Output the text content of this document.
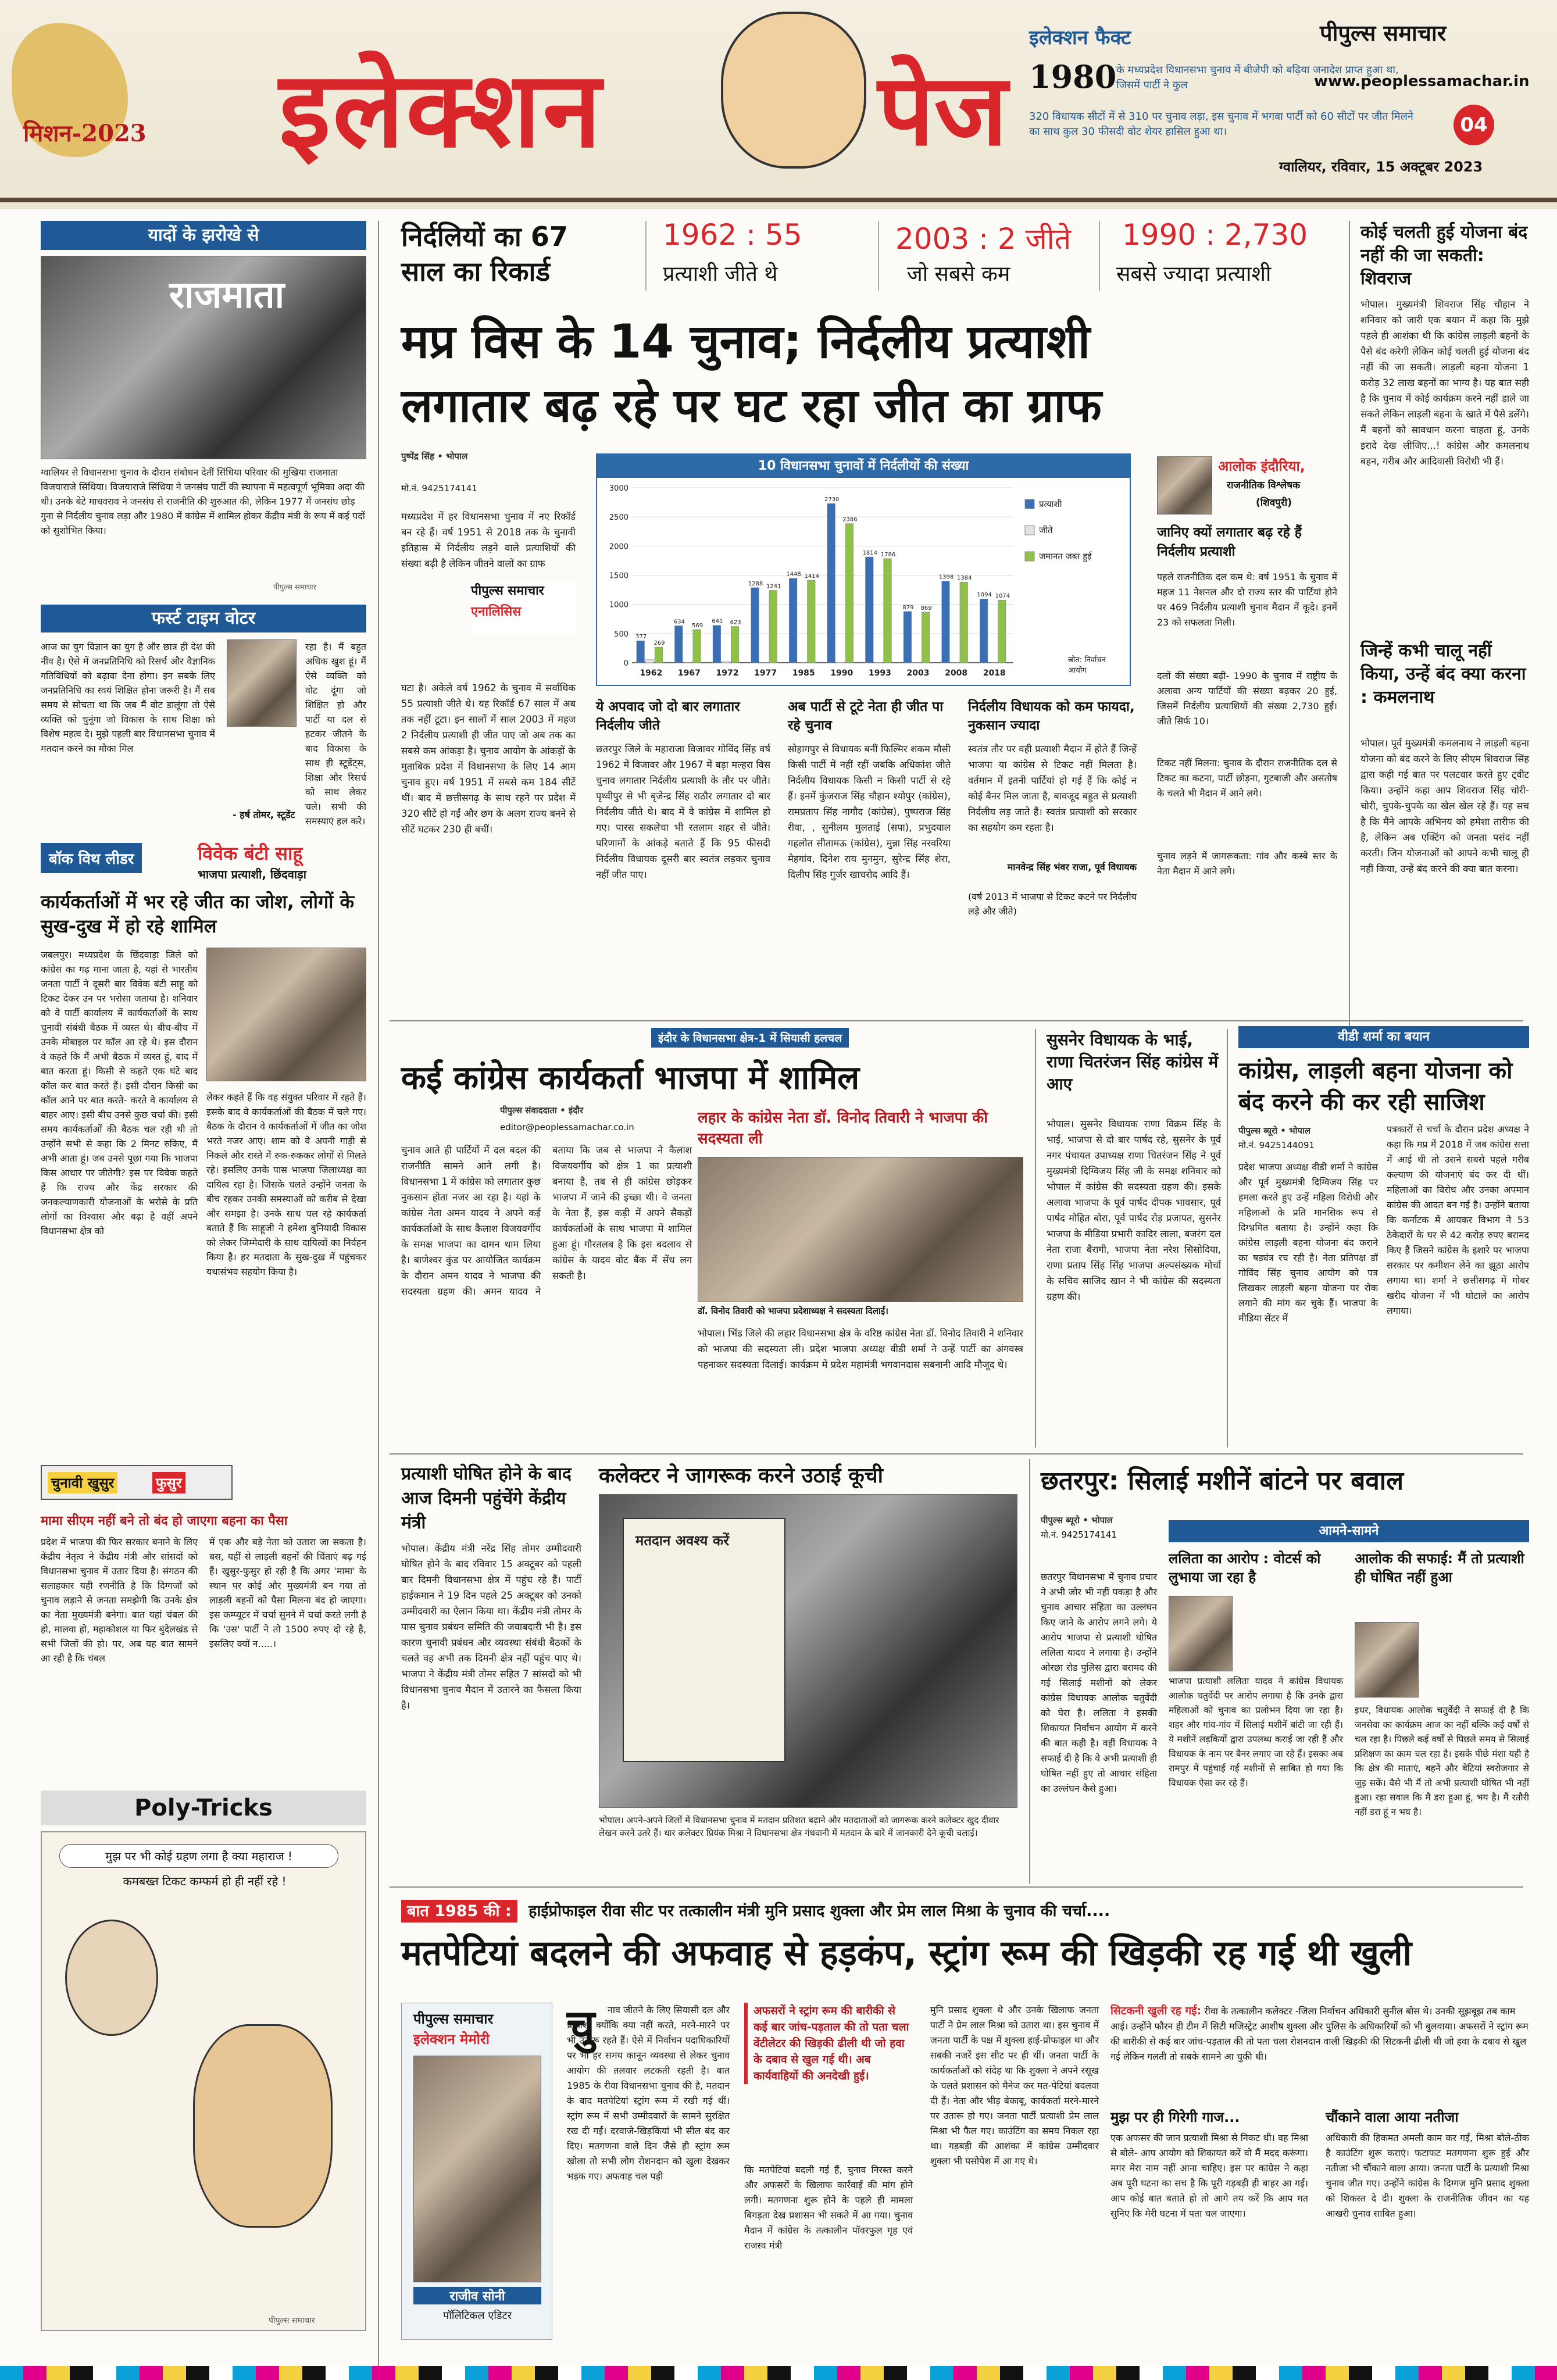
मिशन-2023 इलेक्शन	पेज
इलेक्शन फैक्ट
1980 के मध्यप्रदेश विधानसभा चुनाव में बीजेपी को बढ़िया जनादेश प्राप्त हुआ था, जिसमें पार्टी ने कुल
320 विधायक सीटों में से 310 पर चुनाव लड़ा, इस चुनाव में भगवा पार्टी को 60 सीटों पर जीत मिलने का साथ कुल 30 फीसदी वोट शेयर हासिल हुआ था।
पीपुल्स समाचार
www.peoplessamachar.in
04
ग्वालियर, रविवार, 15 अक्टूबर 2023
यादों के झरोखे से
राजमाता
ग्वालियर से विधानसभा चुनाव के दौरान संबोधन देतीं सिंधिया परिवार की मुखिया राजमाता विजयाराजे सिंधिया। विजयाराजे सिंधिया ने जनसंघ पार्टी की स्थापना में महत्वपूर्ण भूमिका अदा की थी। उनके बेटे माधवराव ने जनसंघ से राजनीति की शुरुआत की, लेकिन 1977 में जनसंघ छोड़ गुना से निर्दलीय चुनाव लड़ा और 1980 में कांग्रेस में शामिल होकर केंद्रीय मंत्री के रूप में कई पदों को सुशोभित किया।
पीपुल्स समाचार
फर्स्ट टाइम वोटर
आज का युग विज्ञान का युग है और छात्र ही देश की नींव है। ऐसे में जनप्रतिनिधि को रिसर्च और वैज्ञानिक गतिविधियों को बढ़ावा देना होगा। इन सबके लिए जनप्रतिनिधि का स्वयं शिक्षित होना जरूरी है। मैं सब समय से सोचता था कि जब मैं वोट डालूंगा तो ऐसे व्यक्ति को चुनूंगा जो विकास के साथ शिक्षा को विशेष महत्व दे। मुझे पहली बार विधानसभा चुनाव में मतदान करने का मौका मिल
रहा है। मैं बहुत अधिक खुश हूं। मैं ऐसे व्यक्ति को वोट दूंगा जो शिक्षित हो और पार्टी या दल से हटकर जीतने के बाद विकास के साथ ही स्टूडेंट्स, शिक्षा और रिसर्च को साथ लेकर चले। सभी की समस्याएं हल करे।
- हर्ष तोमर, स्टूडेंट
बॉक विथ लीडर	विवेक बंटी साहू
भाजपा प्रत्याशी, छिंदवाड़ा
कार्यकर्ताओं में भर रहे जीत का जोश, लोगों के सुख-दुख में हो रहे शामिल
जबलपुर। मध्यप्रदेश के छिंदवाड़ा जिले को कांग्रेस का गढ़ माना जाता है, यहां से भारतीय जनता पार्टी ने दूसरी बार विवेक बंटी साहू को टिकट देकर उन पर भरोसा जताया है। शनिवार को वे पार्टी कार्यालय में कार्यकर्ताओं के साथ चुनावी संबंधी बैठक में व्यस्त थे। बीच-बीच में उनके मोबाइल पर कॉल आ रहे थे। इस दौरान वे कहते कि मैं अभी बैठक में व्यस्त हूं, बाद में बात करता हूं। किसी से कहते एक घंटे बाद कॉल कर बात करते हैं। इसी दौरान किसी का कॉल आने पर बात करते- करते वे कार्यालय से बाहर आए। इसी बीच उनसे कुछ चर्चा की। इसी समय कार्यकर्ताओं की बैठक चल रही थी तो उन्होंने सभी से कहा कि 2 मिनट रुकिए, मैं अभी आता हूं। जब उनसे पूछा गया कि भाजपा किस आधार पर जीतेगी? इस पर विवेक कहते हैं कि राज्य और केंद्र सरकार की जनकल्याणकारी योजनाओं के भरोसे के प्रति लोगों का विश्वास और बढ़ा है वहीं अपने विधानसभा क्षेत्र को
लेकर कहते हैं कि वह संयुक्त परिवार में रहते हैं। इसके बाद वे कार्यकर्ताओं की बैठक में चले गए। बैठक के दौरान वे कार्यकर्ताओं में जीत का जोश भरते नजर आए। शाम को वे अपनी गाड़ी से निकले और रास्ते में रुक-रुककर लोगों से मिलते रहे। इसलिए उनके पास भाजपा जिलाध्यक्ष का दायित्व रहा है। जिसके चलते उन्होंने जनता के बीच रहकर उनकी समस्याओं को करीब से देखा और समझा है। उनके साथ चल रहे कार्यकर्ता बताते हैं कि साहूजी ने हमेशा बुनियादी विकास को लेकर जिम्मेदारी के साथ दायित्वों का निर्वहन किया है। हर मतदाता के सुख-दुख में पहुंचकर यथासंभव सहयोग किया है।
चुनावी खुसुर	फुसुर
मामा सीएम नहीं बने तो बंद हो जाएगा बहना का पैसा
प्रदेश में भाजपा की फिर सरकार बनाने के लिए केंद्रीय नेतृत्व ने केंद्रीय मंत्री और सांसदों को विधानसभा चुनाव में उतार दिया है। संगठन की सलाहकार यही रणनीति है कि दिग्गजों को चुनाव लड़ाने से जनता समझेगी कि उनके क्षेत्र का नेता मुख्यमंत्री बनेगा। बात यहां चंबल की हो, मालवा हो, महाकोशल या फिर बुंदेलखंड से सभी जिलों की हो। पर, अब यह बात सामने आ रही है कि चंबल
में एक और बड़े नेता को उतारा जा सकता है। बस, यहीं से लाड़ली बहनों की चिंताएं बढ़ गई हैं। खुसुर-फुसुर हो रही है कि अगर 'मामा' के स्थान पर कोई और मुख्यमंत्री बन गया तो लाड़ली बहनों को पैसा मिलना बंद हो जाएगा। इस कम्प्यूटर में चर्चा सुनने में चर्चा करते लगी है कि 'उस' पार्टी ने तो 1500 रुपए दो रहे है, इसलिए क्यों न.....।
Poly-Tricks
मुझ पर भी कोई ग्रहण लगा है क्या महाराज !
कमबख्त टिकट कम्फर्म हो ही नहीं रहे !
पीपुल्स समाचार
निर्दलियों का 67
साल का रिकार्ड
1962 : 55
प्रत्याशी जीते थे
2003 : 2 जीते
जो सबसे कम
1990 : 2,730
सबसे ज्यादा प्रत्याशी
मप्र विस के 14 चुनाव; निर्दलीय प्रत्याशी
लगातार बढ़ रहे पर घट रहा जीत का ग्राफ
पुष्पेंद्र सिंह • भोपाल
मो.नं. 9425174141
मध्यप्रदेश में हर विधानसभा चुनाव में नए रिकॉर्ड बन रहे हैं। वर्ष 1951 से 2018 तक के चुनावी इतिहास में निर्दलीय लड़ने वाले प्रत्याशियों की संख्या बढ़ी है लेकिन जीतने वालों का ग्राफ
पीपुल्स समाचार
एनालिसिस
घटा है। अकेले वर्ष 1962 के चुनाव में सर्वाधिक 55 प्रत्याशी जीते थे। यह रिकॉर्ड 67 साल में अब तक नहीं टूटा। इन सालों में साल 2003 में महज 2 निर्दलीय प्रत्याशी ही जीत पाए जो अब तक का सबसे कम आंकड़ा है। चुनाव आयोग के आंकड़ों के मुताबिक प्रदेश में विधानसभा के लिए 14 आम चुनाव हुए। वर्ष 1951 में सबसे कम 184 सीटें थीं। बाद में छत्तीसगढ़ के साथ रहने पर प्रदेश में 320 सीटें हो गईं और छग के अलग राज्य बनने से सीटें घटकर 230 ही बचीं।
10 विधानसभा चुनावों में निर्दलीयों की संख्या
0
500
1000
1500
2000
2500
3000
377
269
1962
634
569
1967
641 623
1972
1288 1241
1977
1448 1414
1985
2730
2386
1990
1814 1786
1993
879 869
2003
1398 1384
2008
1094 1074
2018
प्रत्याशी
जीते
जमानत जब्त हुई
स्रोत: निर्वाचन आयोग
ये अपवाद जो दो बार लगातार निर्दलीय जीते
छतरपुर जिले के महाराजा विजावर गोविंद सिंह वर्ष 1962 में विजावर और 1967 में बड़ा मल्हरा विस चुनाव लगातार निर्दलीय प्रत्याशी के तौर पर जीते। पृथ्वीपुर से भी बृजेन्द्र सिंह राठौर लगातार दो बार निर्दलीय जीते थे। बाद में वे कांग्रेस में शामिल हो गए। पारस सकलेचा भी रतलाम शहर से जीते। परिणामों के आंकड़े बताते हैं कि 95 फीसदी निर्दलीय विधायक दूसरी बार स्वतंत्र लड़कर चुनाव नहीं जीत पाए।
अब पार्टी से टूटे नेता ही जीत पा रहे चुनाव
सोहागपुर से विधायक बनीं फिल्मिर शकम मौसी किसी पार्टी में नहीं रहीं जबकि अधिकांश जीते निर्दलीय विधायक किसी न किसी पार्टी से रहे हैं। इनमें कुंजराज सिंह चौहान श्योपुर (कांग्रेस), रामप्रताप सिंह नागौद (कांग्रेस), पुष्पराज सिंह रीवा, , सुनीलम मुलताई (सपा), प्रभुदयाल गहलोत सीतामऊ (कांग्रेस), मुन्ना सिंह नरवरिया मेहगांव, दिनेश राय मुनमुन, सुरेन्द्र सिंह शेरा, दिलीप सिंह गुर्जर खाचरोद आदि हैं।
निर्दलीय विधायक को कम फायदा, नुकसान ज्यादा
स्वतंत्र तौर पर वही प्रत्याशी मैदान में होते हैं जिन्हें भाजपा या कांग्रेस से टिकट नहीं मिलता है। वर्तमान में इतनी पार्टियां हो गई हैं कि कोई न कोई बैनर मिल जाता है, बावजूद बहुत से प्रत्याशी निर्दलीय लड़ जाते हैं। स्वतंत्र प्रत्याशी को सरकार का सहयोग कम रहता है।
मानवेन्द्र सिंह भंवर राजा, पूर्व विधायक
(वर्ष 2013 में भाजपा से टिकट कटने पर निर्दलीय लड़े और जीते)
आलोक इंदौरिया,
राजनीतिक विश्लेषक
(शिवपुरी)
जानिए क्यों लगातार बढ़ रहे हैं निर्दलीय प्रत्याशी
पहले राजनीतिक दल कम थे: वर्ष 1951 के चुनाव में महज 11 नेशनल और दो राज्य स्तर की पार्टियां होने पर 469 निर्दलीय प्रत्याशी चुनाव मैदान में कूदे। इनमें 23 को सफलता मिली।
दलों की संख्या बढ़ी- 1990 के चुनाव में राष्ट्रीय के अलावा अन्य पार्टियों की संख्या बढ़कर 20 हुई, जिसमें निर्दलीय प्रत्याशियों की संख्या 2,730 हुई। जीते सिर्फ 10।
टिकट नहीं मिलना: चुनाव के दौरान राजनीतिक दल से टिकट का कटना, पार्टी छोड़ना, गुटबाजी और असंतोष के चलते भी मैदान में आने लगे।
चुनाव लड़ने में जागरूकता: गांव और कस्बे स्तर के नेता मैदान में आने लगे।
कोई चलती हुई योजना बंद नहीं की जा सकती: शिवराज
भोपाल। मुख्यमंत्री शिवराज सिंह चौहान ने शनिवार को जारी एक बयान में कहा कि मुझे पहले ही आशंका थी कि कांग्रेस लाड़ली बहनों के पैसे बंद करेगी लेकिन कोई चलती हुई योजना बंद नहीं की जा सकती। लाड़ली बहना योजना 1 करोड़ 32 लाख बहनों का भाग्य है। यह बात सही है कि चुनाव में कोई कार्यक्रम करने नहीं डाले जा सकते लेकिन लाड़ली बहना के खाते में पैसे डलेंगे। मैं बहनों को सावधान करना चाहता हूं, उनके इरादे देख लीजिए...! कांग्रेस और कमलनाथ बहन, गरीब और आदिवासी विरोधी भी हैं।
जिन्हें कभी चालू नहीं किया, उन्हें बंद क्या करना : कमलनाथ
भोपाल। पूर्व मुख्यमंत्री कमलनाथ ने लाड़ली बहना योजना को बंद करने के लिए सीएम शिवराज सिंह द्वारा कही गई बात पर पलटवार करते हुए ट्वीट किया। उन्होंने कहा आप शिवराज सिंह चोरी-चोरी, चुपके-चुपके का खेल खेल रहे हैं। यह सच है कि मैंने आपके अभिनय को हमेशा तारीफ की है, लेकिन अब एक्टिंग को जनता पसंद नहीं करती। जिन योजनाओं को आपने कभी चालू ही नहीं किया, उन्हें बंद करने की क्या बात करना।
इंदौर के विधानसभा क्षेत्र-1 में सियासी हलचल
कई कांग्रेस कार्यकर्ता भाजपा में शामिल
पीपुल्स संवाददाता • इंदौर
editor@peoplessamachar.co.in
चुनाव आते ही पार्टियों में दल बदल की राजनीति सामने आने लगी है। विधानसभा 1 में कांग्रेस को लगातार कुछ नुकसान होता नजर आ रहा है। यहां के कांग्रेस नेता अमन यादव ने अपने कई कार्यकर्ताओं के साथ कैलाश विजयवर्गीय के समक्ष भाजपा का दामन थाम लिया है। बाणेश्वर कुंड पर आयोजित कार्यक्रम के दौरान अमन यादव ने भाजपा की सदस्यता ग्रहण की। अमन यादव ने बताया कि जब से भाजपा ने कैलाश विजयवर्गीय को क्षेत्र 1 का प्रत्याशी बनाया है, तब से ही कांग्रेस छोड़कर भाजपा में जाने की इच्छा थी। वे जनता के नेता हैं, इस कड़ी में अपने सैकड़ों कार्यकर्ताओं के साथ भाजपा में शामिल हुआ हूं। गौरतलब है कि इस बदलाव से कांग्रेस के यादव वोट बैंक में सेंध लग सकती है।
लहार के कांग्रेस नेता डॉ. विनोद तिवारी ने भाजपा की सदस्यता ली
डॉ. विनोद तिवारी को भाजपा प्रदेशाध्यक्ष ने सदस्यता दिलाई।
भोपाल। भिंड जिले की लहार विधानसभा क्षेत्र के वरिष्ठ कांग्रेस नेता डॉ. विनोद तिवारी ने शनिवार को भाजपा की सदस्यता ली। प्रदेश भाजपा अध्यक्ष वीडी शर्मा ने उन्हें पार्टी का अंगवस्त्र पहनाकर सदस्यता दिलाई। कार्यक्रम में प्रदेश महामंत्री भगवानदास सबनानी आदि मौजूद थे।
सुसनेर विधायक के भाई, राणा चितरंजन सिंह कांग्रेस में आए
भोपाल। सुसनेर विधायक राणा विक्रम सिंह के भाई, भाजपा से दो बार पार्षद रहे, सुसनेर के पूर्व नगर पंचायत उपाध्यक्ष राणा चितरंजन सिंह ने पूर्व मुख्यमंत्री दिग्विजय सिंह जी के समक्ष शनिवार को भोपाल में कांग्रेस की सदस्यता ग्रहण की। इसके अलावा भाजपा के पूर्व पार्षद दीपक भावसार, पूर्व पार्षद मोहित बोरा, पूर्व पार्षद रोड़ प्रजापत, सुसनेर भाजपा के मीडिया प्रभारी कादिर लाला, बजरंग दल नेता राजा बैरागी, भाजपा नेता नरेश सिसोदिया, राणा प्रताप सिंह सिंह भाजपा अल्पसंख्यक मोर्चा के सचिव साजिद खान ने भी कांग्रेस की सदस्यता ग्रहण की।
वीडी शर्मा का बयान
कांग्रेस, लाड़ली बहना योजना को बंद करने की कर रही साजिश
पीपुल्स ब्यूरो • भोपाल
मो.नं. 9425144091
प्रदेश भाजपा अध्यक्ष वीडी शर्मा ने कांग्रेस और पूर्व मुख्यमंत्री दिग्विजय सिंह पर हमला करते हुए उन्हें महिला विरोधी और महिलाओं के प्रति मानसिक रूप से दिग्भ्रमित बताया है। उन्होंने कहा कि कांग्रेस लाड़ली बहना योजना बंद कराने का षड्यंत्र रच रही है। नेता प्रतिपक्ष डॉ गोविंद सिंह चुनाव आयोग को पत्र लिखकर लाड़ली बहना योजना पर रोक लगाने की मांग कर चुके हैं। भाजपा के मीडिया सेंटर में
पत्रकारों से चर्चा के दौरान प्रदेश अध्यक्ष ने कहा कि मप्र में 2018 में जब कांग्रेस सत्ता में आई थी तो उसने सबसे पहले गरीब कल्याण की योजनाएं बंद कर दी थीं। महिलाओं का विरोध और उनका अपमान कांग्रेस की आदत बन गई है। उन्होंने बताया कि कर्नाटक में आयकर विभाग ने 53 ठेकेदारों के घर से 42 करोड़ रुपए बरामद किए हैं जिसने कांग्रेस के इशारे पर भाजपा सरकार पर कमीशन लेने का झूठा आरोप लगाया था। शर्मा ने छत्तीसगढ़ में गोबर खरीद योजना में भी घोटाले का आरोप लगाया।
प्रत्याशी घोषित होने के बाद आज दिमनी पहुंचेंगे केंद्रीय मंत्री
भोपाल। केंद्रीय मंत्री नरेंद्र सिंह तोमर उम्मीदवारी घोषित होने के बाद रविवार 15 अक्टूबर को पहली बार दिमनी विधानसभा क्षेत्र में पहुंच रहे हैं। पार्टी हाईकमान ने 19 दिन पहले 25 अक्टूबर को उनको उम्मीदवारी का ऐलान किया था। केंद्रीय मंत्री तोमर के पास चुनाव प्रबंधन समिति की जवाबदारी भी है। इस कारण चुनावी प्रबंधन और व्यवस्था संबंधी बैठकों के चलते वह अभी तक दिमनी क्षेत्र नहीं पहुंच पाए थे। भाजपा ने केंद्रीय मंत्री तोमर सहित 7 सांसदों को भी विधानसभा चुनाव मैदान में उतारने का फैसला किया है।
कलेक्टर ने जागरूक करने उठाई कूची
मतदान अवश्य करें
भोपाल। अपने-अपने जिलों में विधानसभा चुनाव में मतदान प्रतिशत बढ़ाने और मतदाताओं को जागरूक करने कलेक्टर खुद दीवार लेखन करने उतरे हैं। धार कलेक्टर प्रियंक मिश्रा ने विधानसभा क्षेत्र गंधवानी में मतदान के बारे में जानकारी देने कूची चलाई।
छतरपुर: सिलाई मशीनें बांटने पर बवाल
पीपुल्स ब्यूरो • भोपाल
मो.नं. 9425174141
छतरपुर विधानसभा में चुनाव प्रचार ने अभी जोर भी नहीं पकड़ा है और चुनाव आचार संहिता का उल्लंघन किए जाने के आरोप लगने लगे। ये आरोप भाजपा से प्रत्याशी घोषित ललिता यादव ने लगाया है। उन्होंने ओरछा रोड पुलिस द्वारा बरामद की गई सिलाई मशीनों को लेकर कांग्रेस विधायक आलोक चतुर्वेदी को घेरा है। ललिता ने इसकी शिकायत निर्वाचन आयोग में करने की बात कही है। वहीं विधायक ने सफाई दी है कि वे अभी प्रत्याशी ही घोषित नहीं हुए तो आचार संहिता का उल्लंघन कैसे हुआ।
आमने-सामने
ललिता का आरोप : वोटर्स को लुभाया जा रहा है
भाजपा प्रत्याशी ललिता यादव ने कांग्रेस विधायक आलोक चतुर्वेदी पर आरोप लगाया है कि उनके द्वारा महिलाओं को चुनाव का प्रलोभन दिया जा रहा है। शहर और गांव-गांव में सिलाई मशीनें बांटी जा रही हैं। ये मशीनें लड़कियों द्वारा उपलब्ध कराई जा रही हैं और विधायक के नाम पर बैनर लगाए जा रहे हैं। इसका अब रामपुर में पहुंचाई गई मशीनों से साबित हो गया कि विधायक ऐसा कर रहे हैं।
आलोक की सफाई: मैं तो प्रत्याशी ही घोषित नहीं हुआ
इधर, विधायक आलोक चतुर्वेदी ने सफाई दी है कि जनसेवा का कार्यक्रम आज का नहीं बल्कि कई वर्षों से चल रहा है। पिछले कई वर्षों से पिछले समय से सिलाई प्रशिक्षण का काम चल रहा है। इसके पीछे मंशा यही है कि क्षेत्र की माताएं, बहनें और बेटियां स्वरोजगार से जुड़ सकें। वैसे भी मैं तो अभी प्रत्याशी घोषित भी नहीं हुआ। रहा सवाल कि मैं डरा हुआ हूं, भय है। मैं रतौरी नहीं डरा हूं न भय है।
बात 1985 की : हाईप्रोफाइल रीवा सीट पर तत्कालीन मंत्री मुनि प्रसाद शुक्ला और प्रेम लाल मिश्रा के चुनाव की चर्चा....
मतपेटियां बदलने की अफवाह से हड़कंप, स्ट्रांग रूम की खिड़की रह गई थी खुली
पीपुल्स समाचार
इलेक्शन मेमोरी
राजीव सोनी
पॉलिटिकल एडिटर
चु	नाव जीतने के लिए सियासी दल और प्रत्याशी क्योंकि क्या नहीं करते, मरने-मारने पर भी उतारू रहते हैं। ऐसे में निर्वाचन पदाधिकारियों पर भी हर समय कानून व्यवस्था से लेकर चुनाव आयोग की तलवार लटकती रहती है। बात 1985 के रीवा विधानसभा चुनाव की है, मतदान के बाद मतपेटियां स्ट्रांग रूम में रखी गई थीं। स्ट्रांग रूम में सभी उम्मीदवारों के सामने सुरक्षित रख दी गईं। दरवाजे-खिड़कियां भी सील बंद कर दिए। मतगणना वाले दिन जैसे ही स्ट्रांग रूम खोला तो सभी लोग रोशनदान को खुला देखकर भड़क गए। अफवाह चल पड़ी
अफसरों ने स्ट्रांग रूम की बारीकी से कई बार जांच-पड़ताल की तो पता चला वेंटीलेटर की खिड़की ढीली थी जो हवा के दबाव से खुल गई थी। अब कार्यवाहियों की अनदेखी हुई।
कि मतपेटियां बदली गई हैं, चुनाव निरस्त करने और अफसरों के खिलाफ कार्रवाई की मांग होने लगी। मतगणना शुरू होने के पहले ही मामला बिगड़ता देख प्रशासन भी सकते में आ गया। चुनाव मैदान में कांग्रेस के तत्कालीन पॉवरफुल गृह एवं राजस्व मंत्री
मुनि प्रसाद शुक्ला थे और उनके खिलाफ जनता पार्टी ने प्रेम लाल मिश्रा को उतारा था। इस चुनाव में जनता पार्टी के पक्ष में शुक्ला हाई-प्रोफाइल था और सबकी नजरें इस सीट पर ही थीं। जनता पार्टी के कार्यकर्ताओं को संदेह था कि शुक्ला ने अपने रसूख के चलते प्रशासन को मैनेज कर मत-पेटियां बदलवा दी हैं। नेता और भीड़ बेकाबू, कार्यकर्ता मरने-मारने पर उतारू हो गए। जनता पार्टी प्रत्याशी प्रेम लाल मिश्रा भी फैल गए। काउंटिंग का समय निकल रहा था। गड़बड़ी की आशंका में कांग्रेस उम्मीदवार शुक्ला भी पसोपेश में आ गए थे।
सिटकनी खुली रह गई: रीवा के तत्कालीन कलेक्टर -जिला निर्वाचन अधिकारी सुनील बोस थे। उनकी सूझबूझ तब काम आई। उन्होंने फौरन ही टीम में सिटी मजिस्ट्रेट आशीष शुक्ला और पुलिस के अधिकारियों को भी बुलवाया। अफसरों ने स्ट्रांग रूम की बारीकी से कई बार जांच-पड़ताल की तो पता चला रोशनदान वाली खिड़की की सिटकनी ढीली थी जो हवा के दबाव से खुल गई लेकिन गलती तो सबके सामने आ चुकी थी।
मुझ पर ही गिरेगी गाज...
एक अफसर की जान प्रत्याशी मिश्रा से निकट थी। वह मिश्रा से बोले- आप आयोग को शिकायत करें वो मैं मदद करूंगा। मगर मेरा नाम नहीं आना चाहिए। इस पर कांग्रेस ने कहा अब पूरी घटना का सच है कि पूरी गड़बड़ी ही बाहर आ गई। आप कोई बात बताते हो तो आगे तय करें कि आप मत सुनिए कि मेरी घटना में पता चल जाएगा।
चौंकाने वाला आया नतीजा
अधिकारी की हिकमत अमली काम कर गई, मिश्रा बोले-ठीक है काउंटिंग शुरू कराएं। फटाफट मतगणना शुरू हुई और नतीजा भी चौंकाने वाला आया। जनता पार्टी के प्रत्याशी मिश्रा चुनाव जीत गए। उन्होंने कांग्रेस के दिग्गज मुनि प्रसाद शुक्ला को शिकस्त दे दी। शुक्ला के राजनीतिक जीवन का यह आखरी चुनाव साबित हुआ।
